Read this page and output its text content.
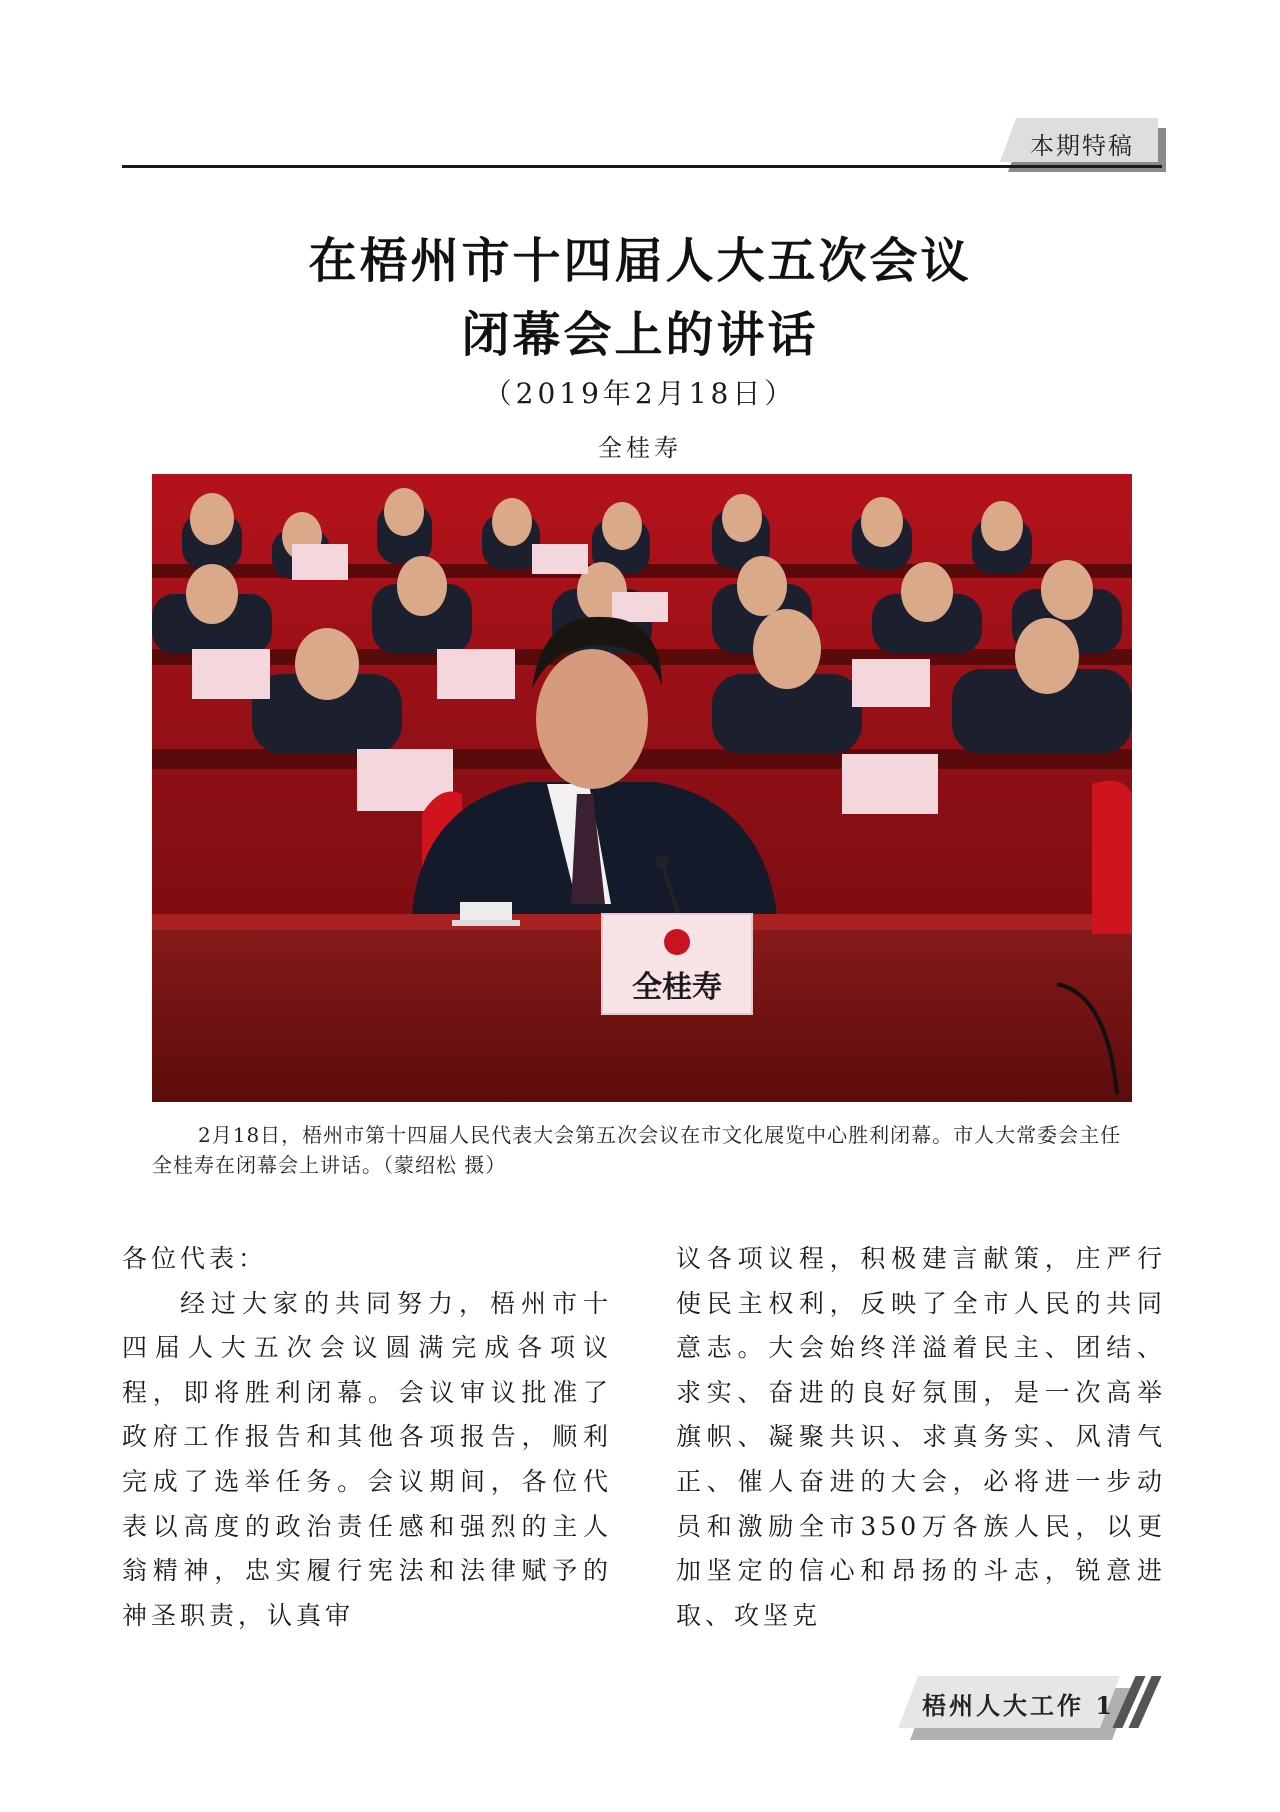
本期特稿
在梧州市十四届人大五次会议
闭幕会上的讲话
（2019年2月18日）
全桂寿
全桂寿
2月18日，梧州市第十四届人民代表大会第五次会议在市文化展览中心胜利闭幕。市人大常委会主任全桂寿在闭幕会上讲话。（蒙绍松 摄）

各位代表：

经过大家的共同努力，梧州市十四届人大五次会议圆满完成各项议程，即将胜利闭幕。会议审议批准了政府工作报告和其他各项报告，顺利完成了选举任务。会议期间，各位代表以高度的政治责任感和强烈的主人翁精神，忠实履行宪法和法律赋予的神圣职责，认真审

议各项议程，积极建言献策，庄严行使民主权利，反映了全市人民的共同意志。大会始终洋溢着民主、团结、求实、奋进的良好氛围，是一次高举旗帜、凝聚共识、求真务实、风清气正、催人奋进的大会，必将进一步动员和激励全市350万各族人民，以更加坚定的信心和昂扬的斗志，锐意进取、攻坚克

梧州人大工作 1
